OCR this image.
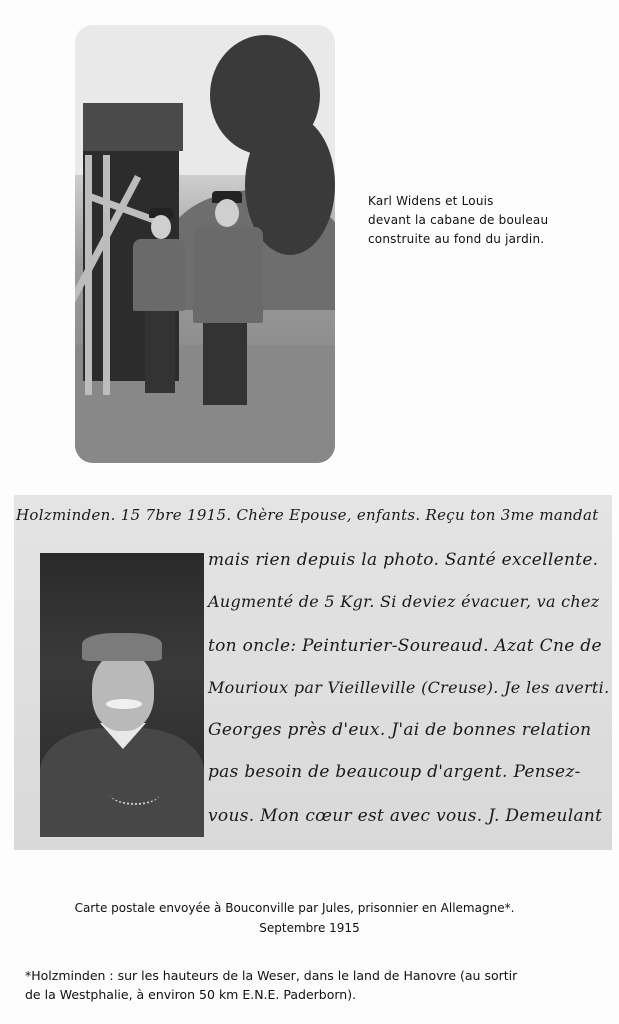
Karl Widens et Louis
devant la cabane de bouleau
construite au fond du jardin.
Holzminden. 15 7bre 1915. Chère Epouse, enfants. Reçu ton 3me mandat
mais rien depuis la photo. Santé excellente.
Augmenté de 5 Kgr. Si deviez évacuer, va chez
ton oncle: Peinturier-Soureaud. Azat Cne de
Mourioux par Vieilleville (Creuse). Je les averti.
Georges près d'eux. J'ai de bonnes relation
pas besoin de beaucoup d'argent. Pensez-
vous. Mon cœur est avec vous. J. Demeulant
Carte postale envoyée à Bouconville par Jules, prisonnier en Allemagne*.
Septembre 1915
*Holzminden : sur les hauteurs de la Weser, dans le land de Hanovre (au sortir
de la Westphalie, à environ 50 km E.N.E. Paderborn).
